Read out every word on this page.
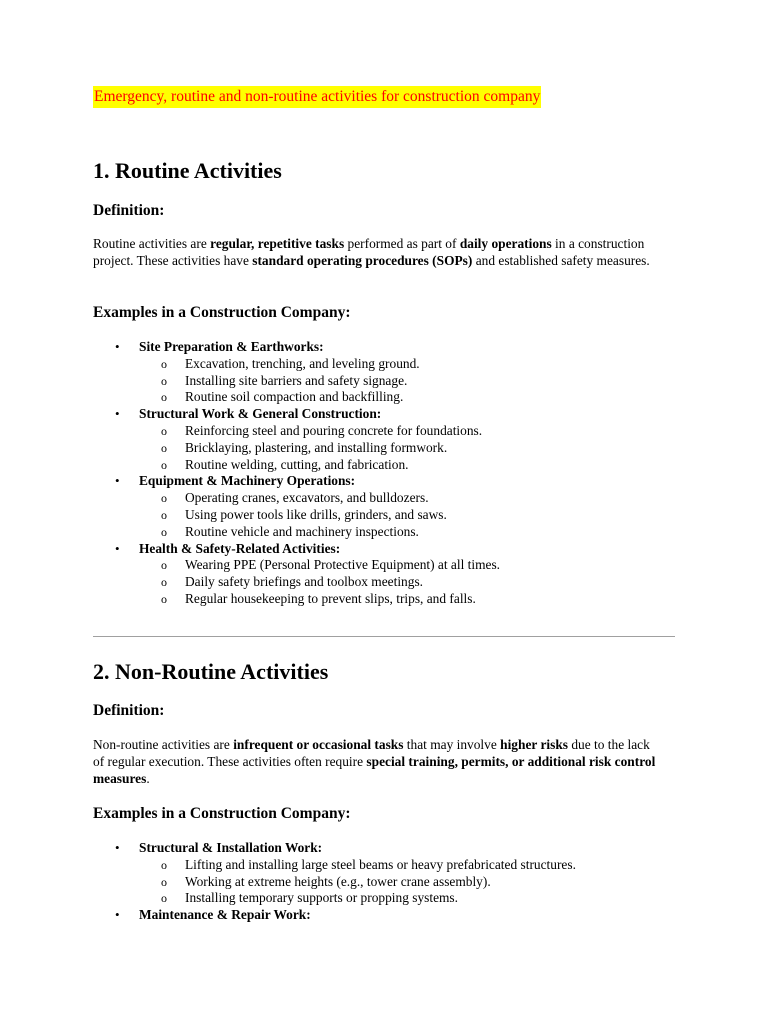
Emergency, routine and non-routine activities for construction company
1. Routine Activities
Definition:

Routine activities are regular, repetitive tasks performed as part of daily operations in a construction project. These activities have standard operating procedures (SOPs) and established safety measures.

Examples in a Construction Company:
• Site Preparation & Earthworks:
o Excavation, trenching, and leveling ground.
o Installing site barriers and safety signage.
o Routine soil compaction and backfilling.
• Structural Work & General Construction:
o Reinforcing steel and pouring concrete for foundations.
o Bricklaying, plastering, and installing formwork.
o Routine welding, cutting, and fabrication.
• Equipment & Machinery Operations:
o Operating cranes, excavators, and bulldozers.
o Using power tools like drills, grinders, and saws.
o Routine vehicle and machinery inspections.
• Health & Safety-Related Activities:
o Wearing PPE (Personal Protective Equipment) at all times.
o Daily safety briefings and toolbox meetings.
o Regular housekeeping to prevent slips, trips, and falls.
2. Non-Routine Activities
Definition:

Non-routine activities are infrequent or occasional tasks that may involve higher risks due to the lack of regular execution. These activities often require special training, permits, or additional risk control measures.

Examples in a Construction Company:
• Structural & Installation Work:
o Lifting and installing large steel beams or heavy prefabricated structures.
o Working at extreme heights (e.g., tower crane assembly).
o Installing temporary supports or propping systems.
• Maintenance & Repair Work:
